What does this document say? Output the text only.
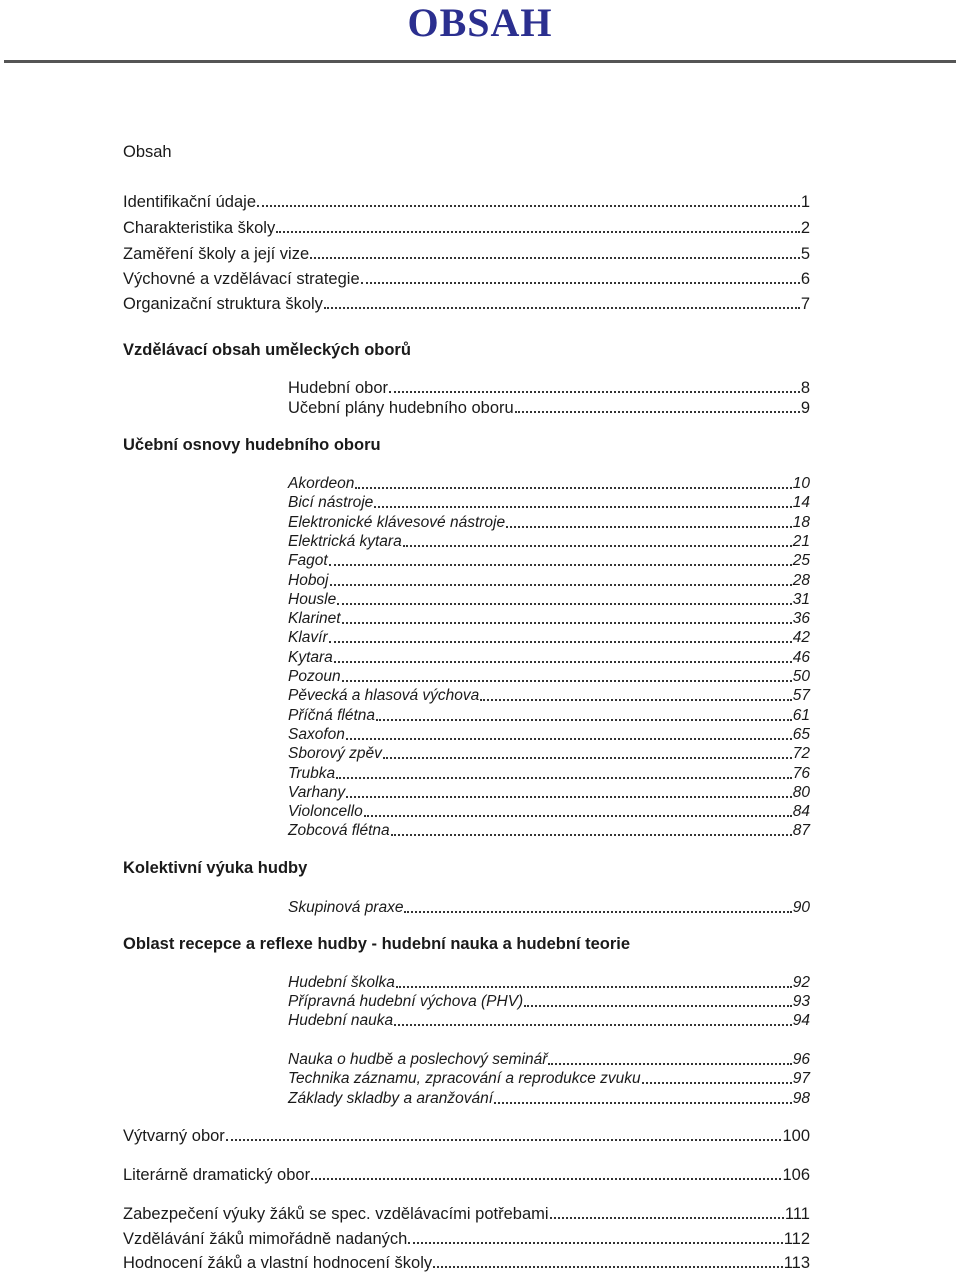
OBSAH
Obsah
Identifikační údaje	1
Charakteristika školy	2
Zaměření školy a její vize	5
Výchovné a vzdělávací strategie	6
Organizační struktura školy	7
Vzdělávací obsah uměleckých oborů
Hudební obor	8
Učební plány hudebního oboru	9
Učební osnovy hudebního oboru
Akordeon	10
Bicí nástroje	14
Elektronické klávesové nástroje	18
Elektrická kytara	21
Fagot	25
Hoboj	28
Housle	31
Klarinet	36
Klavír	42
Kytara	46
Pozoun	50
Pěvecká a hlasová výchova	57
Příčná flétna	61
Saxofon	65
Sborový zpěv	72
Trubka	76
Varhany	80
Violoncello	84
Zobcová flétna	87
Kolektivní výuka hudby
Skupinová praxe	90
Oblast recepce a reflexe hudby - hudební nauka a hudební teorie
Hudební školka	92
Přípravná hudební výchova (PHV)	93
Hudební nauka	94
Nauka o hudbě a poslechový seminář	96
Technika záznamu, zpracování a reprodukce zvuku	97
Základy skladby a aranžování	98
Výtvarný obor	100
Literárně dramatický obor	106
Zabezpečení výuky žáků se spec. vzdělávacími potřebami	111
Vzdělávání žáků mimořádně nadaných	112
Hodnocení žáků a vlastní hodnocení školy	113
